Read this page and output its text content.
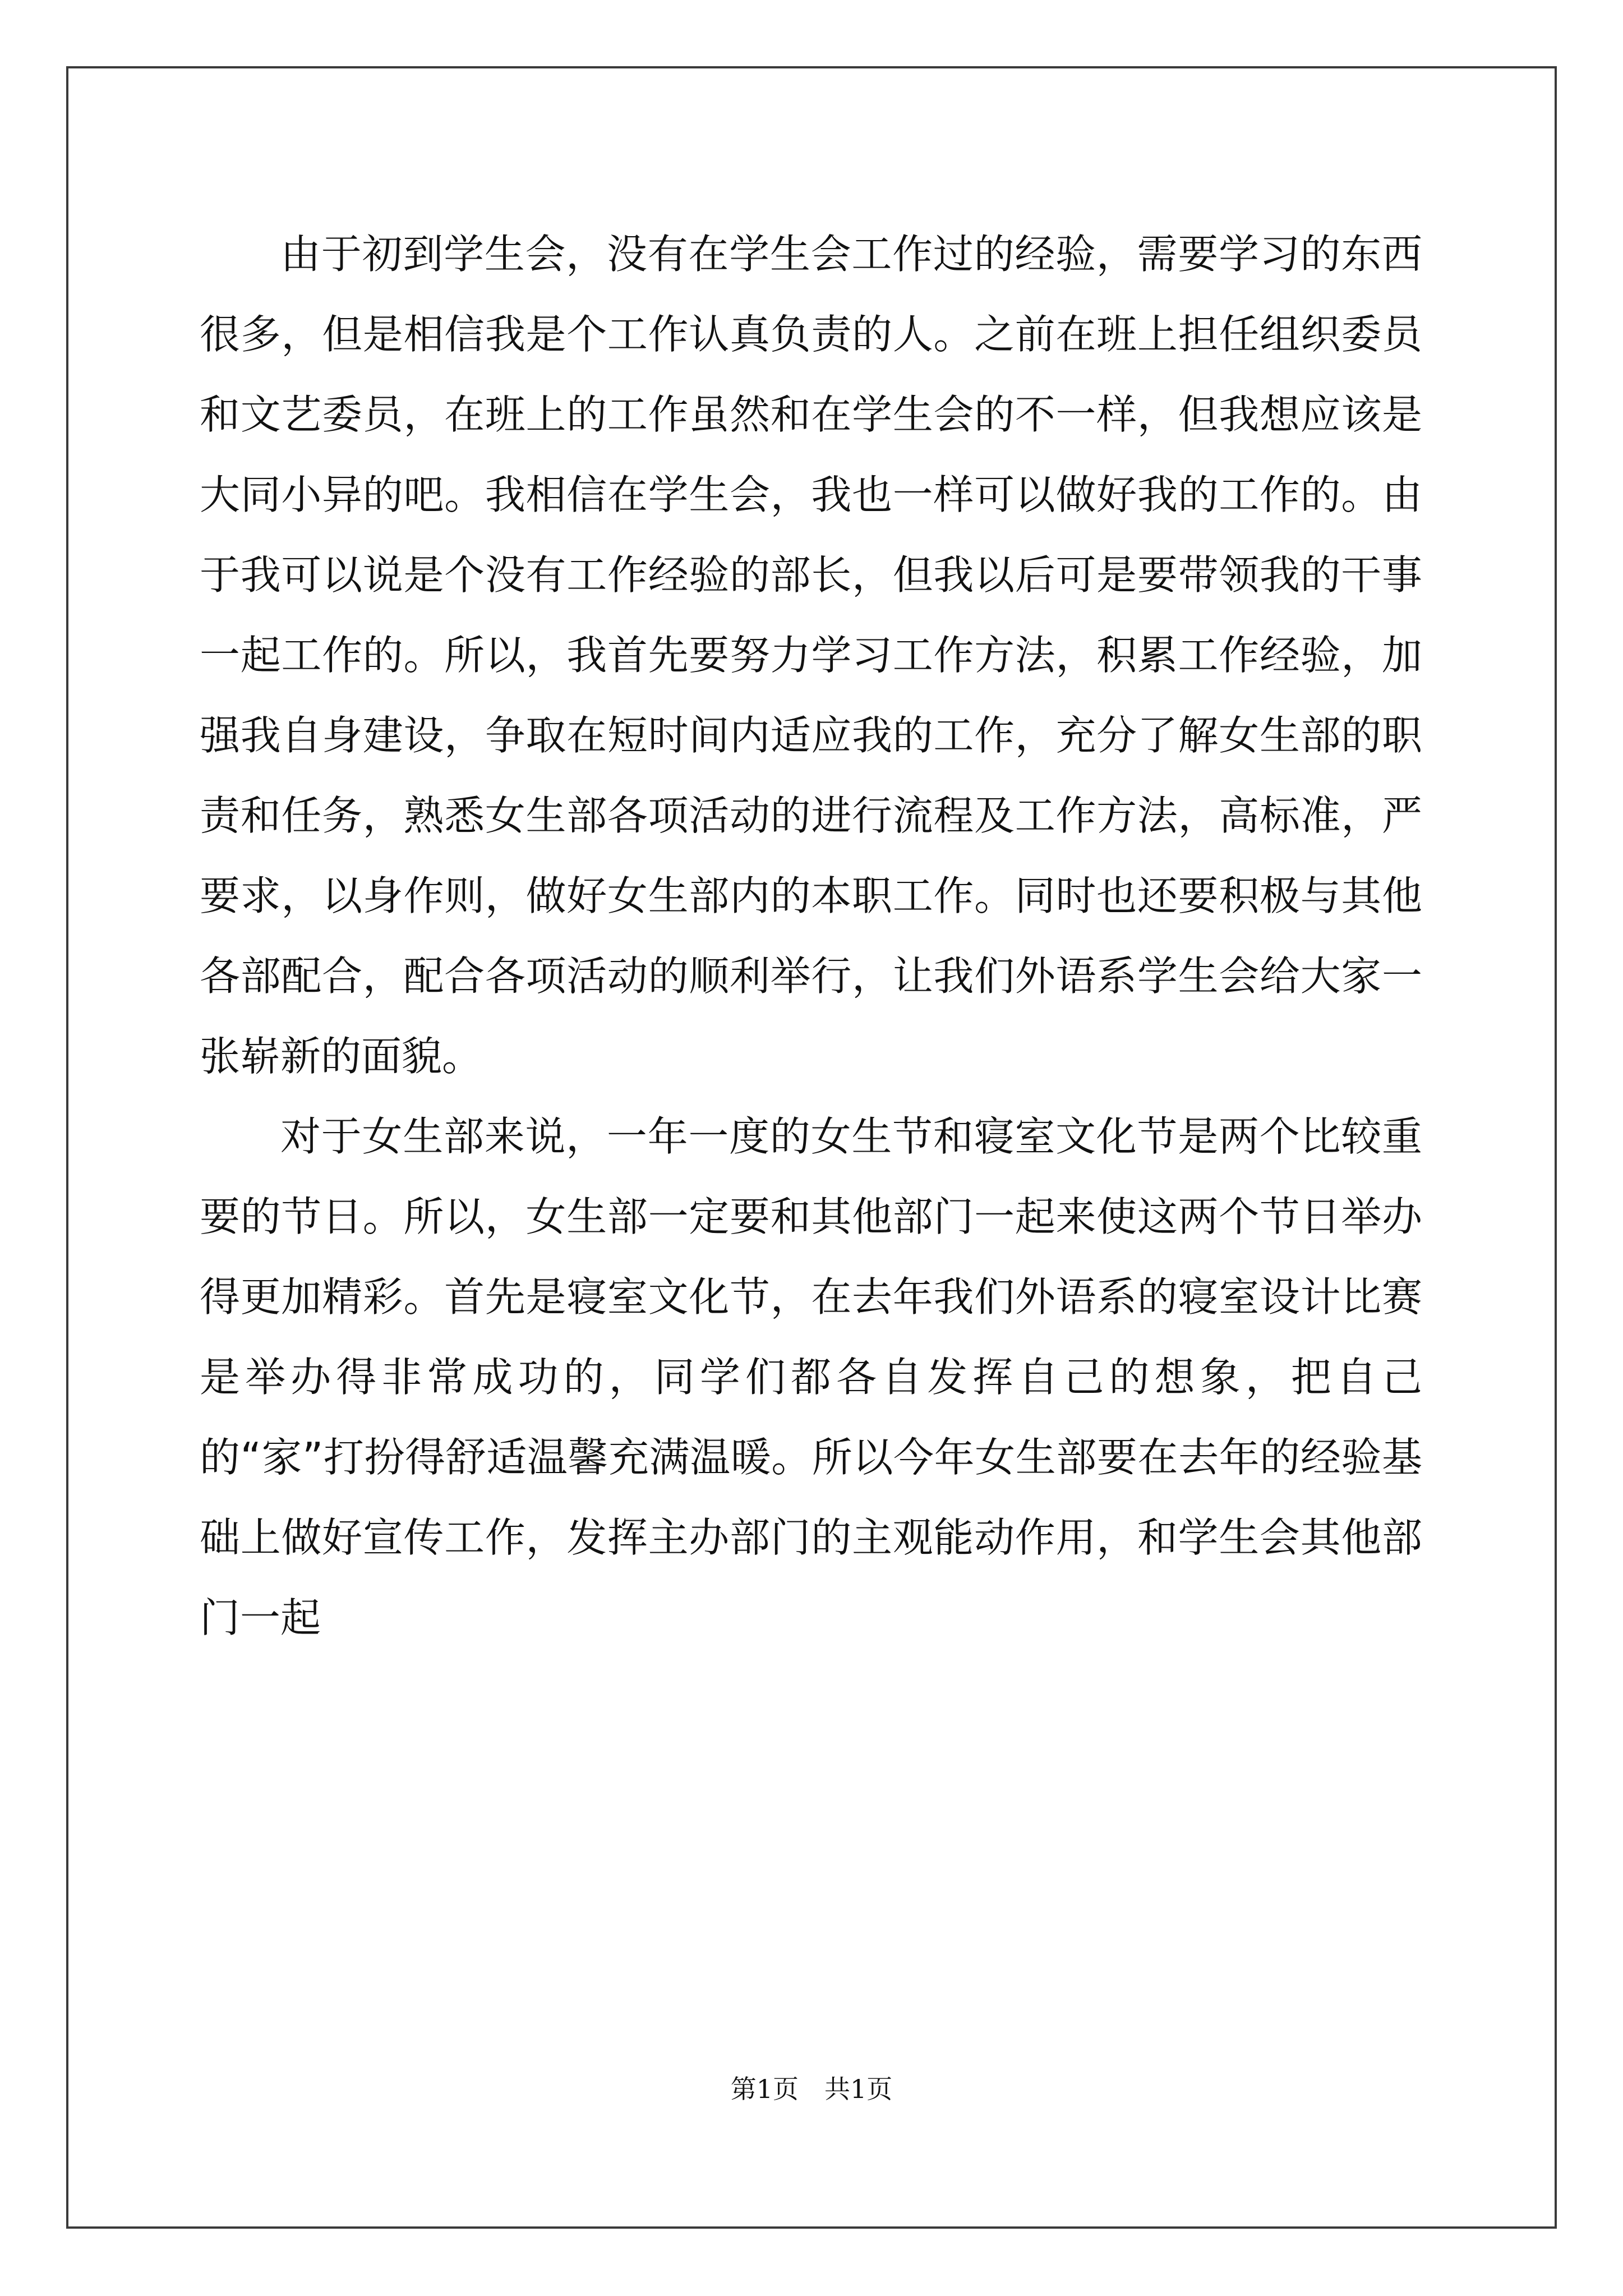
由于初到学生会，没有在学生会工作过的经验，需要学习的东西很多，但是相信我是个工作认真负责的人。之前在班上担任组织委员和文艺委员，在班上的工作虽然和在学生会的不一样，但我想应该是大同小异的吧。我相信在学生会，我也一样可以做好我的工作的。由于我可以说是个没有工作经验的部长，但我以后可是要带领我的干事一起工作的。所以，我首先要努力学习工作方法，积累工作经验，加强我自身建设，争取在短时间内适应我的工作，充分了解女生部的职责和任务，熟悉女生部各项活动的进行流程及工作方法，高标准，严要求，以身作则，做好女生部内的本职工作。同时也还要积极与其他各部配合，配合各项活动的顺利举行，让我们外语系学生会给大家一张崭新的面貌。

对于女生部来说，一年一度的女生节和寝室文化节是两个比较重要的节日。所以，女生部一定要和其他部门一起来使这两个节日举办得更加精彩。首先是寝室文化节，在去年我们外语系的寝室设计比赛是举办得非常成功的，同学们都各自发挥自己的想象，把自己的“家”打扮得舒适温馨充满温暖。所以今年女生部要在去年的经验基础上做好宣传工作，发挥主办部门的主观能动作用，和学生会其他部门一起

第1页 共1页
